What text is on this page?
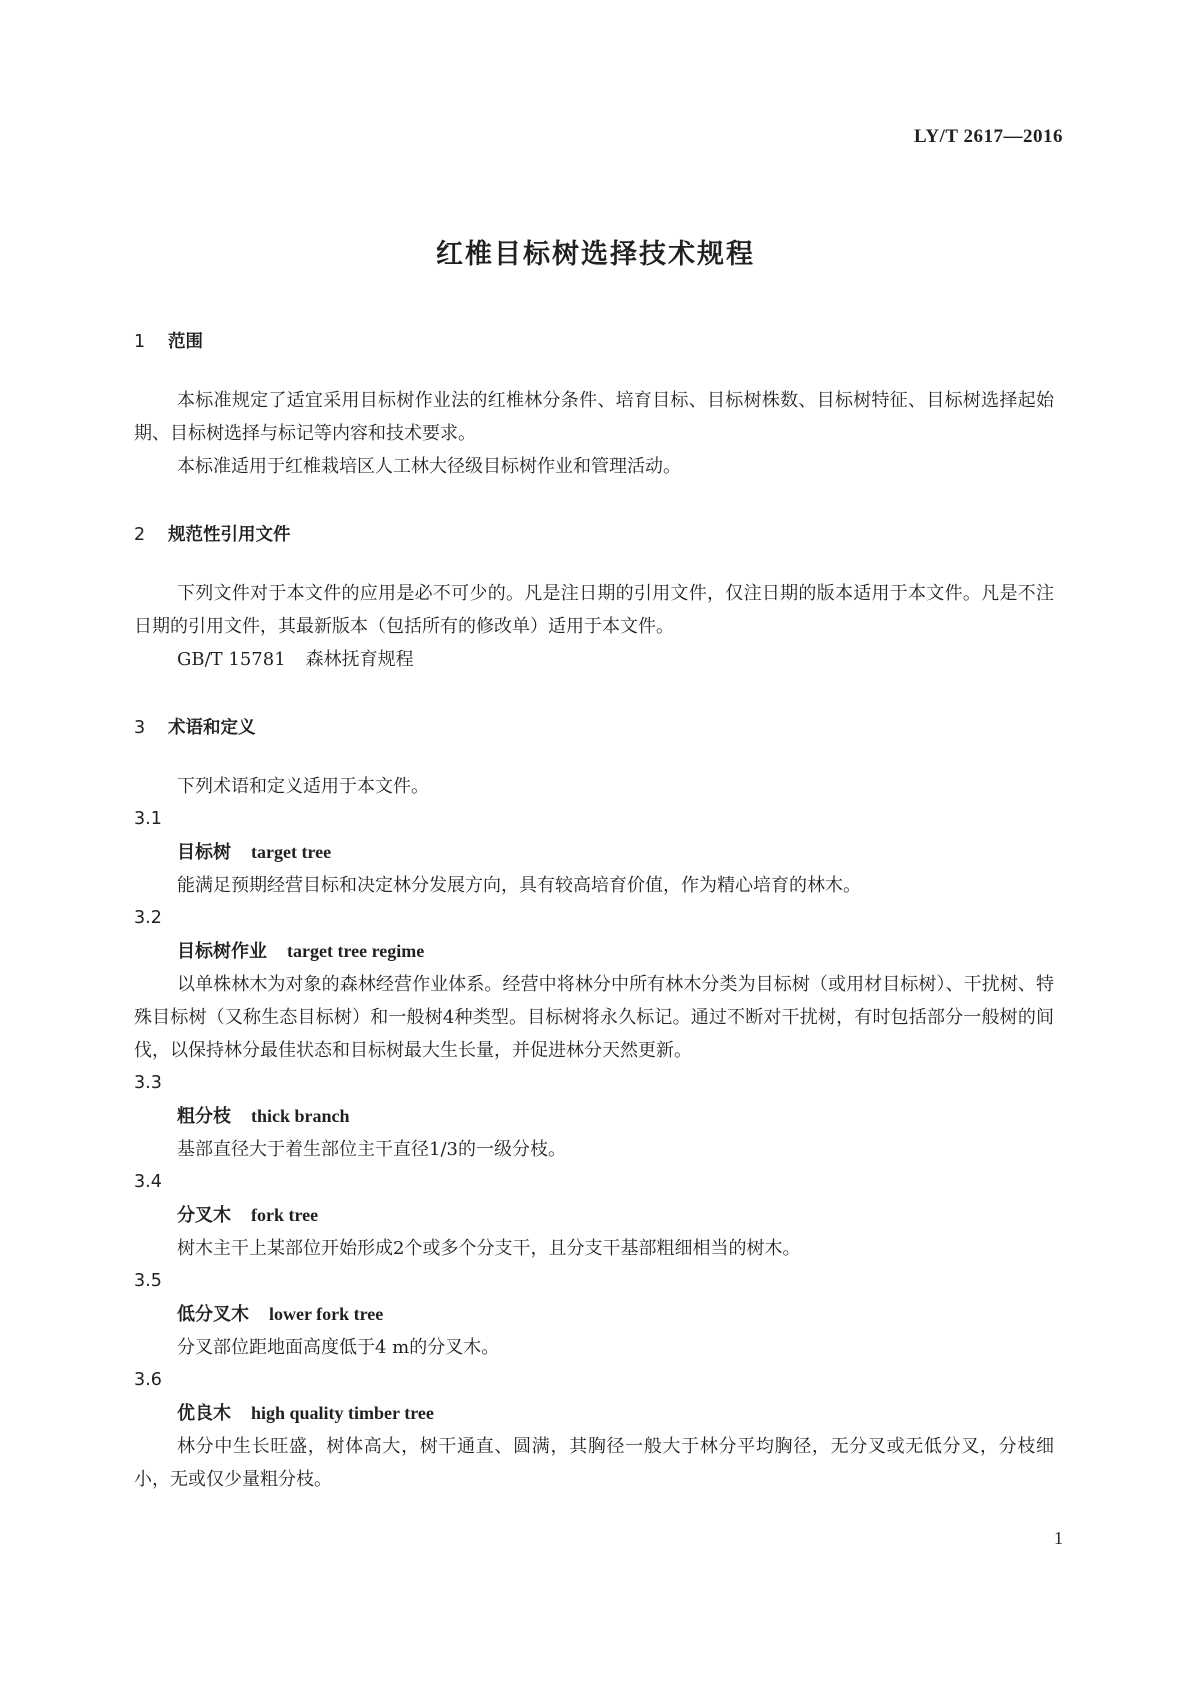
LY/T 2617—2016

红椎目标树选择技术规程
1 范围

本标准规定了适宜采用目标树作业法的红椎林分条件、培育目标、目标树株数、目标树特征、目标树选择起始期、目标树选择与标记等内容和技术要求。

本标准适用于红椎栽培区人工林大径级目标树作业和管理活动。

2 规范性引用文件

下列文件对于本文件的应用是必不可少的。凡是注日期的引用文件，仅注日期的版本适用于本文件。凡是不注日期的引用文件，其最新版本（包括所有的修改单）适用于本文件。

GB/T 15781 森林抚育规程

3 术语和定义

下列术语和定义适用于本文件。

3.1

目标树 target tree

能满足预期经营目标和决定林分发展方向，具有较高培育价值，作为精心培育的林木。

3.2

目标树作业 target tree regime

以单株林木为对象的森林经营作业体系。经营中将林分中所有林木分类为目标树（或用材目标树）、干扰树、特殊目标树（又称生态目标树）和一般树4种类型。目标树将永久标记。通过不断对干扰树，有时包括部分一般树的间伐，以保持林分最佳状态和目标树最大生长量，并促进林分天然更新。

3.3

粗分枝 thick branch

基部直径大于着生部位主干直径1/3的一级分枝。

3.4

分叉木 fork tree

树木主干上某部位开始形成2个或多个分支干，且分支干基部粗细相当的树木。

3.5

低分叉木 lower fork tree

分叉部位距地面高度低于4 m的分叉木。

3.6

优良木 high quality timber tree

林分中生长旺盛，树体高大，树干通直、圆满，其胸径一般大于林分平均胸径，无分叉或无低分叉，分枝细小，无或仅少量粗分枝。

1
